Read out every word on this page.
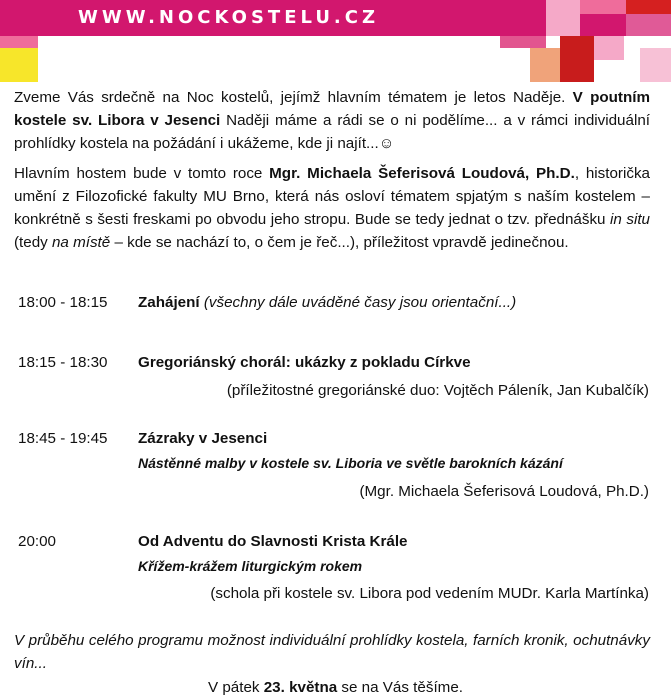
WWW.NOCKOSTELU.CZ

Zveme Vás srdečně na Noc kostelů, jejímž hlavním tématem je letos Naděje. V poutním kostele sv. Libora v Jesenci Naději máme a rádi se o ni podělíme... a v rámci individuální prohlídky kostela na požádání i ukážeme, kde ji najít...☺

Hlavním hostem bude v tomto roce Mgr. Michaela Šeferisová Loudová, Ph.D., historička umění z Filozofické fakulty MU Brno, která nás osloví tématem spjatým s naším kostelem – konkrétně s šesti freskami po obvodu jeho stropu. Bude se tedy jednat o tzv. přednášku in situ (tedy na místě – kde se nachází to, o čem je řeč...), příležitost vpravdě jedinečnou.

18:00 - 18:15 Zahájení (všechny dále uváděné časy jsou orientační...)
18:15 - 18:30 Gregoriánský chorál: ukázky z pokladu Církve
(příležitostné gregoriánské duo: Vojtěch Páleník, Jan Kubalčík)
18:45 - 19:45 Zázraky v Jesenci
Nástěnné malby v kostele sv. Liboria ve světle barokních kázání
(Mgr. Michaela Šeferisová Loudová, Ph.D.)
20:00	Od Adventu do Slavnosti Krista Krále
Křížem-krážem liturgickým rokem
(schola při kostele sv. Libora pod vedením MUDr. Karla Martínka)

V průběhu celého programu možnost individuální prohlídky kostela, farních kronik, ochutnávky vín...

V pátek 23. května se na Vás těšíme.
